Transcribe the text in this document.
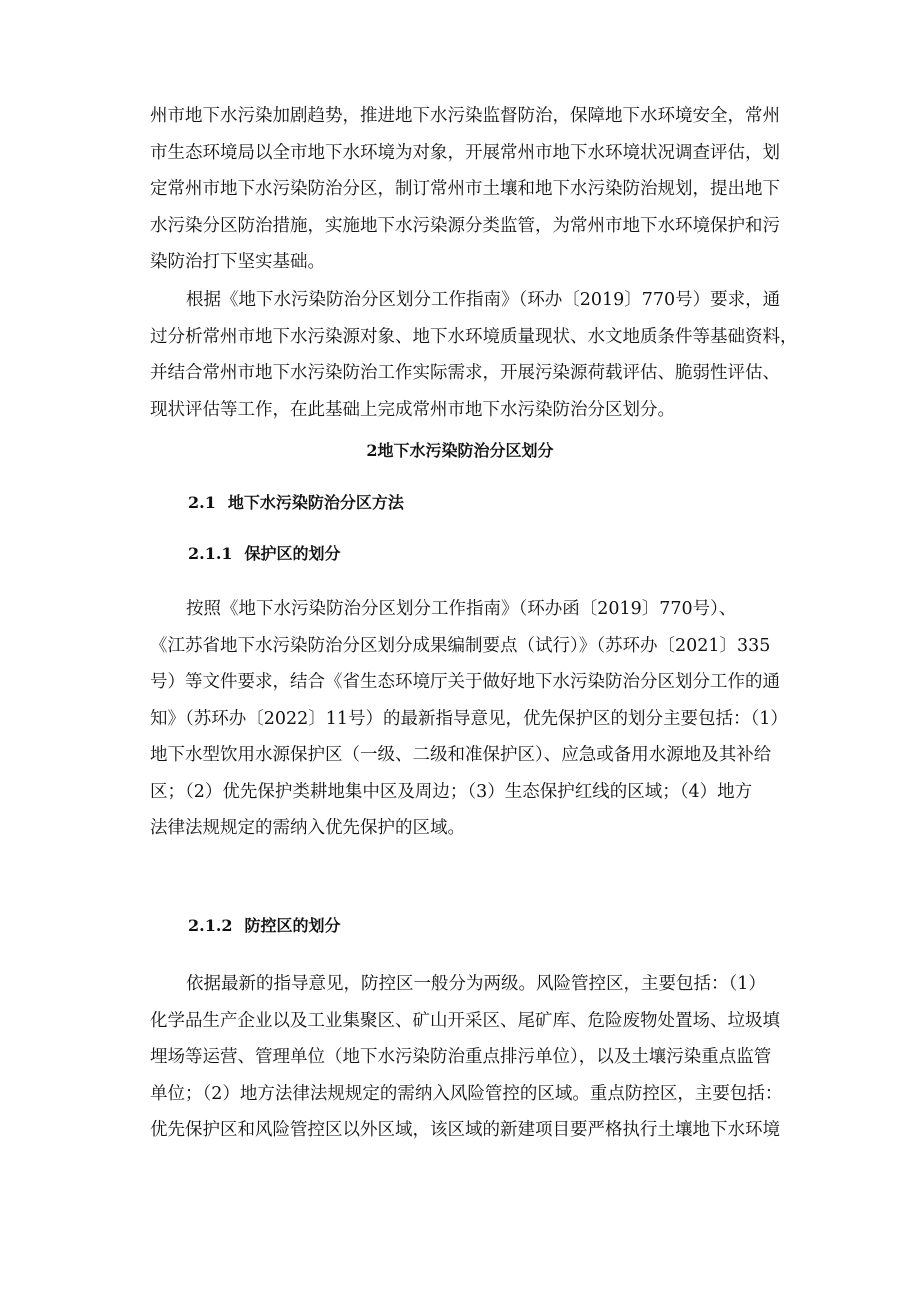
州市地下水污染加剧趋势，推进地下水污染监督防治，保障地下水环境安全，常州
市生态环境局以全市地下水环境为对象，开展常州市地下水环境状况调查评估，划
定常州市地下水污染防治分区，制订常州市土壤和地下水污染防治规划，提出地下
水污染分区防治措施，实施地下水污染源分类监管，为常州市地下水环境保护和污
染防治打下坚实基础。
根据《地下水污染防治分区划分工作指南》（环办〔2019〕770号）要求，通
过分析常州市地下水污染源对象、地下水环境质量现状、水文地质条件等基础资料，
并结合常州市地下水污染防治工作实际需求，开展污染源荷载评估、脆弱性评估、
现状评估等工作，在此基础上完成常州市地下水污染防治分区划分。
2地下水污染防治分区划分
2.1 地下水污染防治分区方法
2.1.1 保护区的划分
按照《地下水污染防治分区划分工作指南》（环办函〔2019〕770号）、
《江苏省地下水污染防治分区划分成果编制要点（试行）》（苏环办〔2021〕335
号）等文件要求，结合《省生态环境厅关于做好地下水污染防治分区划分工作的通
知》（苏环办〔2022〕11号）的最新指导意见，优先保护区的划分主要包括：（1）
地下水型饮用水源保护区（一级、二级和准保护区）、应急或备用水源地及其补给
区；（2）优先保护类耕地集中区及周边；（3）生态保护红线的区域；（4）地方
法律法规规定的需纳入优先保护的区域。
2.1.2 防控区的划分
依据最新的指导意见，防控区一般分为两级。风险管控区，主要包括：（1）
化学品生产企业以及工业集聚区、矿山开采区、尾矿库、危险废物处置场、垃圾填
埋场等运营、管理单位（地下水污染防治重点排污单位），以及土壤污染重点监管
单位；（2）地方法律法规规定的需纳入风险管控的区域。重点防控区，主要包括：
优先保护区和风险管控区以外区域，该区域的新建项目要严格执行土壤地下水环境
